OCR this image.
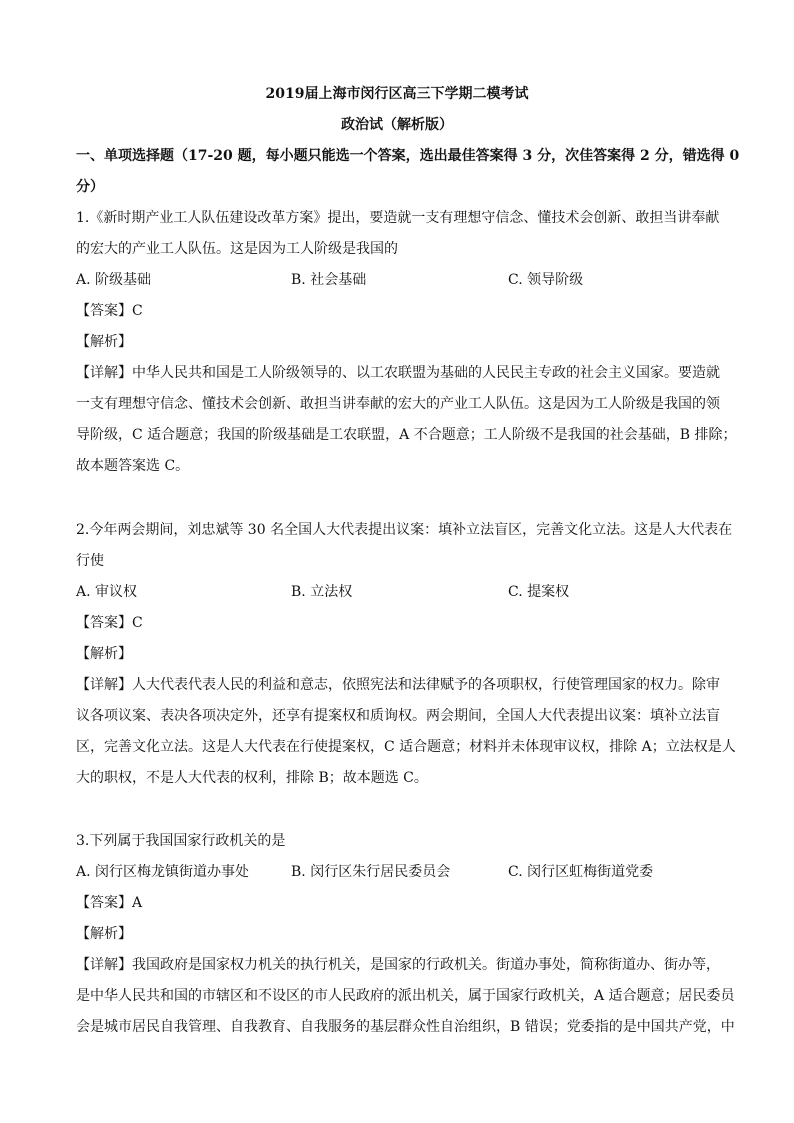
2019届上海市闵行区高三下学期二模考试
政治试（解析版）
一、单项选择题（17-20 题，每小题只能选一个答案，选出最佳答案得 3 分，次佳答案得 2 分，错选得 0
分）
1.《新时期产业工人队伍建设改革方案》提出，要造就一支有理想守信念、懂技术会创新、敢担当讲奉献
的宏大的产业工人队伍。这是因为工人阶级是我国的
A. 阶级基础	B. 社会基础	C. 领导阶级
【答案】C
【解析】
【详解】中华人民共和国是工人阶级领导的、以工农联盟为基础的人民民主专政的社会主义国家。要造就
一支有理想守信念、懂技术会创新、敢担当讲奉献的宏大的产业工人队伍。这是因为工人阶级是我国的领
导阶级，C 适合题意；我国的阶级基础是工农联盟，A 不合题意；工人阶级不是我国的社会基础，B 排除；
故本题答案选 C。
2.今年两会期间，刘忠斌等 30 名全国人大代表提出议案：填补立法盲区，完善文化立法。这是人大代表在
行使
A. 审议权	B. 立法权	C. 提案权
【答案】C
【解析】
【详解】人大代表代表人民的利益和意志，依照宪法和法律赋予的各项职权，行使管理国家的权力。除审
议各项议案、表决各项决定外，还享有提案权和质询权。两会期间，全国人大代表提出议案：填补立法盲
区，完善文化立法。这是人大代表在行使提案权，C 适合题意；材料并未体现审议权，排除 A；立法权是人
大的职权，不是人大代表的权利，排除 B；故本题选 C。
3.下列属于我国国家行政机关的是
A. 闵行区梅龙镇街道办事处	B. 闵行区朱行居民委员会	C. 闵行区虹梅街道党委
【答案】A
【解析】
【详解】我国政府是国家权力机关的执行机关，是国家的行政机关。街道办事处，简称街道办、街办等，
是中华人民共和国的市辖区和不设区的市人民政府的派出机关，属于国家行政机关，A 适合题意；居民委员
会是城市居民自我管理、自我教育、自我服务的基层群众性自治组织，B 错误；党委指的是中国共产党，中
